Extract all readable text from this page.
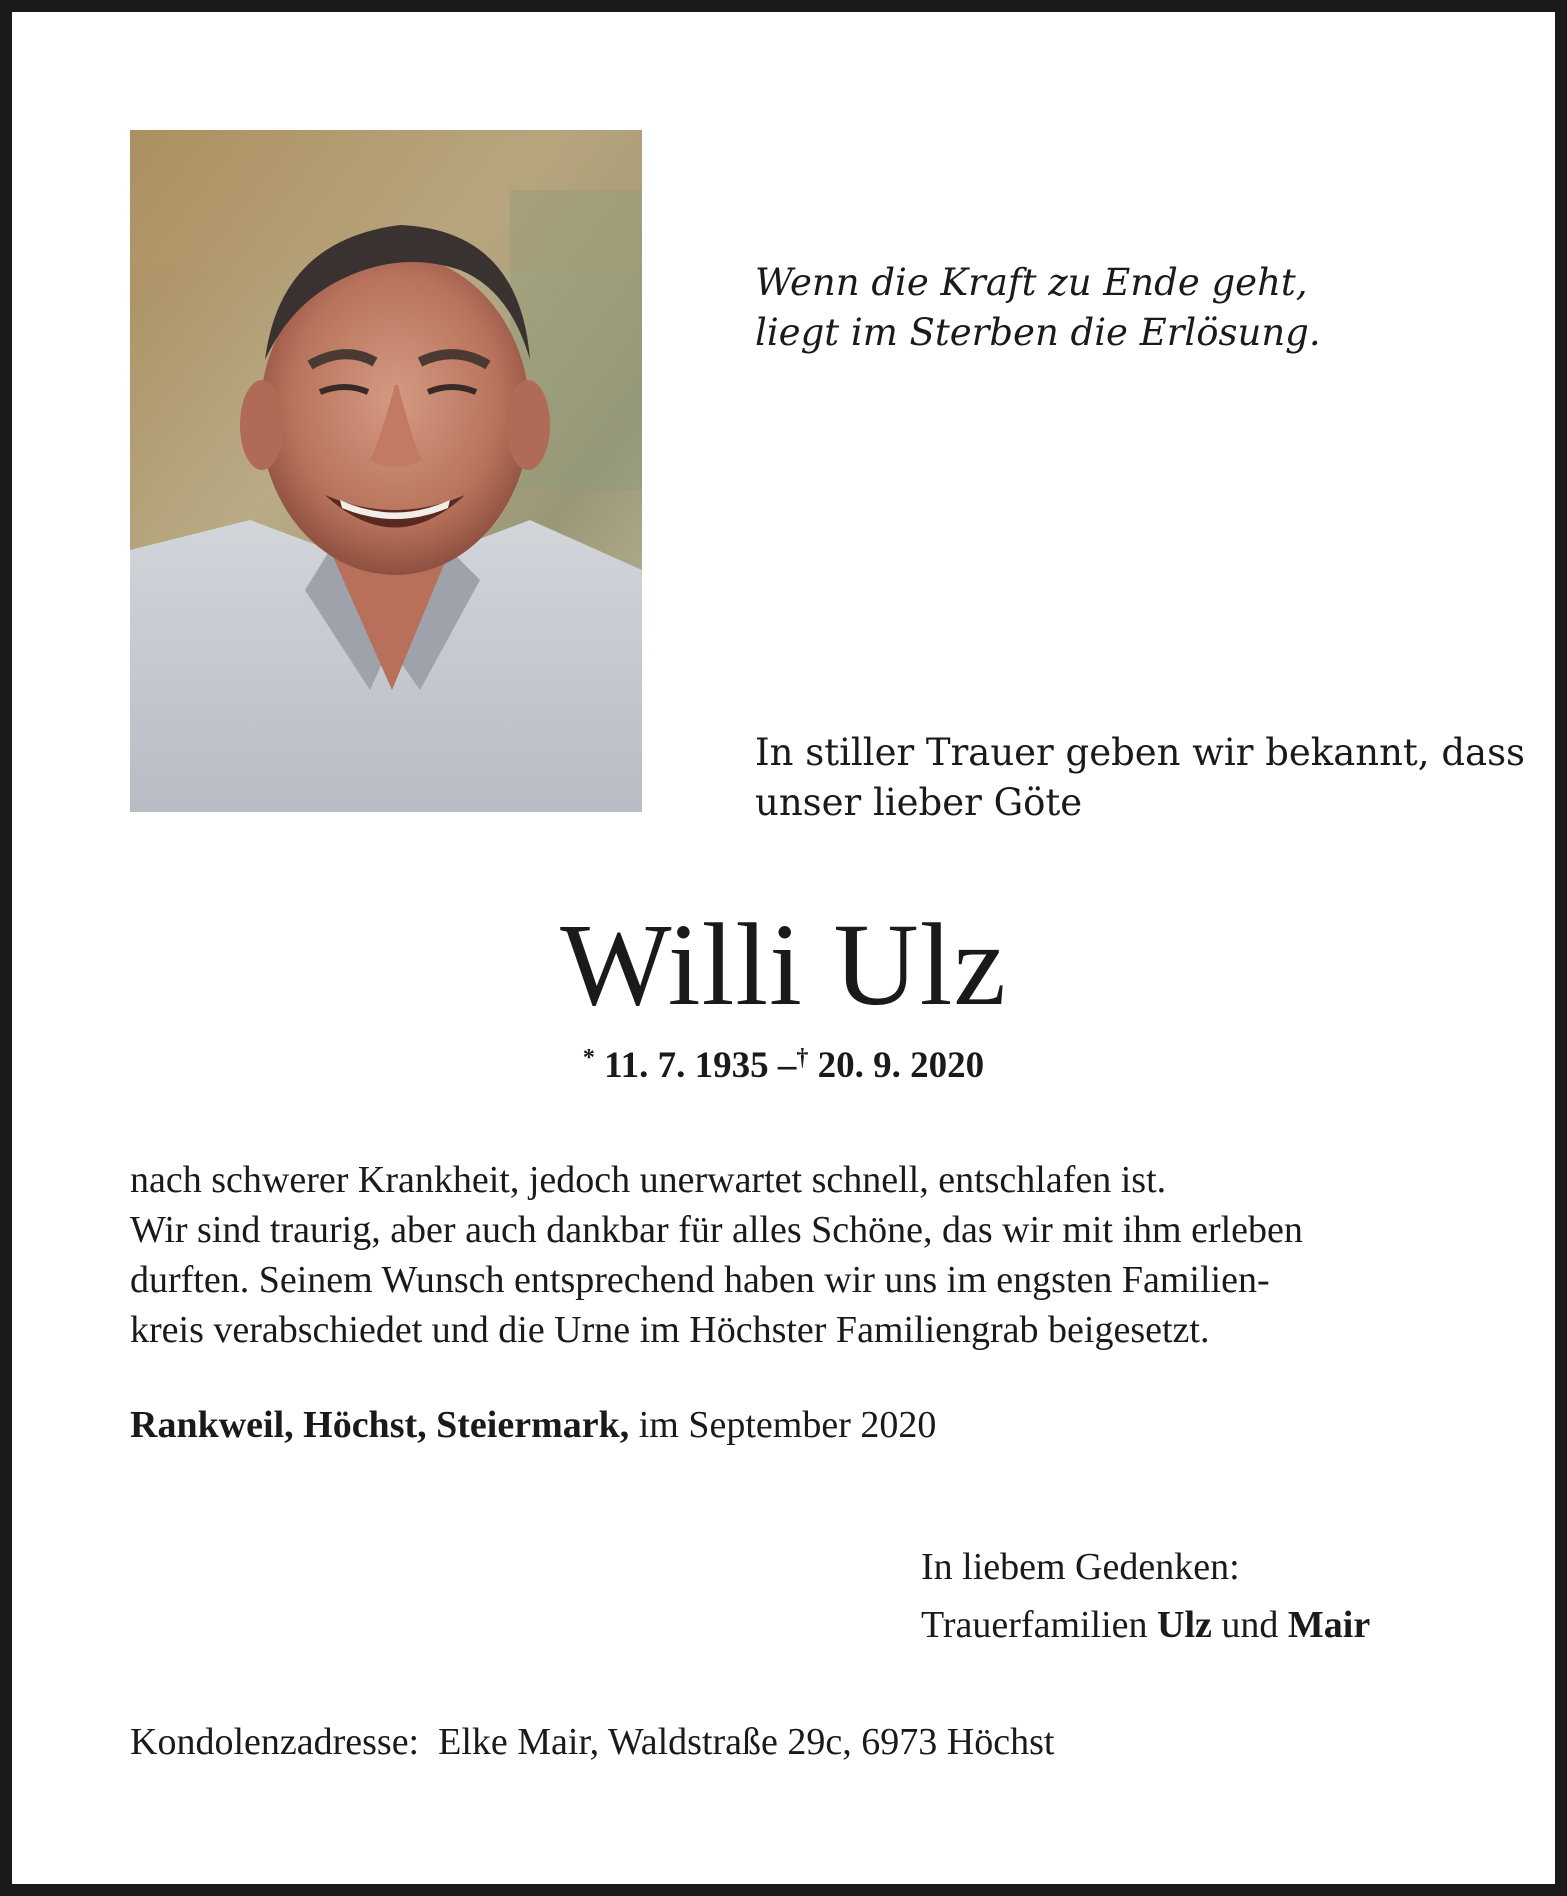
Wenn die Kraft zu Ende geht,
liegt im Sterben die Erlösung.
In stiller Trauer geben wir bekannt, dass
unser lieber Göte
Willi Ulz
* 11. 7. 1935 –† 20. 9. 2020
nach schwerer Krankheit, jedoch unerwartet schnell, entschlafen ist.
Wir sind traurig, aber auch dankbar für alles Schöne, das wir mit ihm erleben
durften. Seinem Wunsch entsprechend haben wir uns im engsten Familien-
kreis verabschiedet und die Urne im Höchster Familiengrab beigesetzt.
Rankweil, Höchst, Steiermark, im September 2020
In liebem Gedenken:
Trauerfamilien Ulz und Mair
Kondolenzadresse: Elke Mair, Waldstraße 29c, 6973 Höchst
